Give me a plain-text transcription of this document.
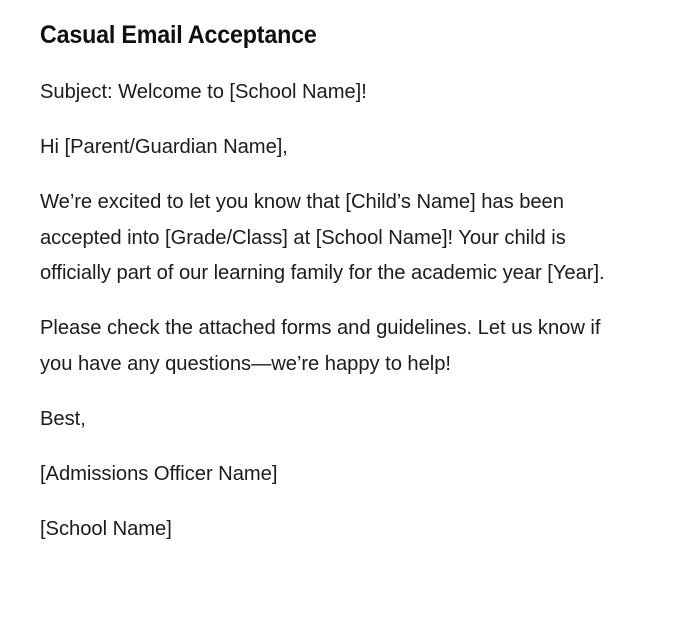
Casual Email Acceptance

Subject: Welcome to [School Name]!

Hi [Parent/Guardian Name],

We’re excited to let you know that [Child’s Name] has been accepted into [Grade/Class] at [School Name]! Your child is officially part of our learning family for the academic year [Year].

Please check the attached forms and guidelines. Let us know if you have any questions—we’re happy to help!

Best,

[Admissions Officer Name]

[School Name]
